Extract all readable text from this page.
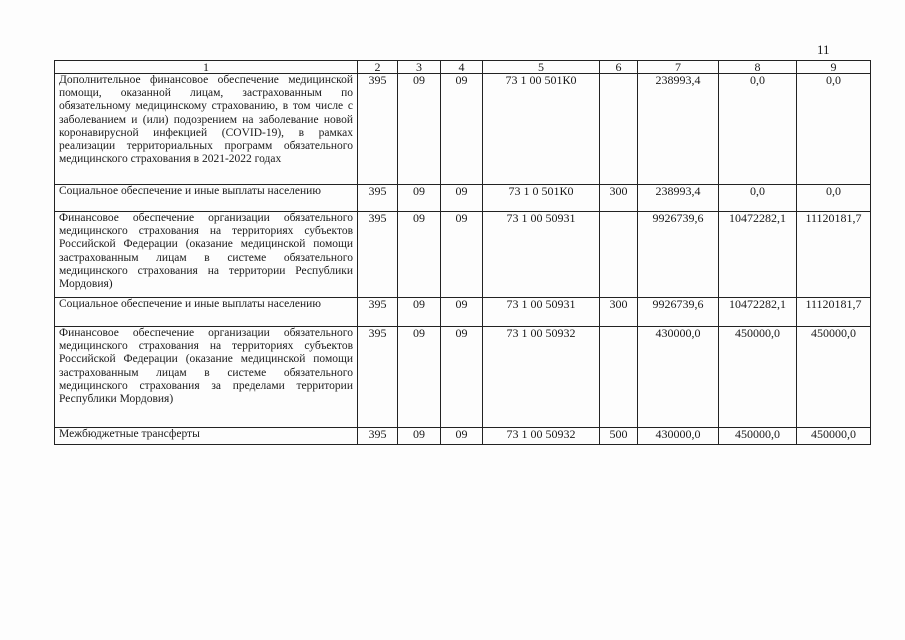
11
1	2	3	4	5	6	7	8	9
Дополнительное финансовое обеспечение медицинской помощи, оказанной лицам, застрахованным по обязательному медицинскому страхованию, в том числе с заболеванием и (или) подозрением на заболевание новой коронавирусной инфекцией (COVID-19), в рамках реализации территориальных программ обязательного медицинского страхования в 2021-2022 годах	395	09	09	73 1 00 501К0		238993,4	0,0	0,0
Социальное обеспечение и иные выплаты населению	395	09	09	73 1 0 501К0	300	238993,4	0,0	0,0
Финансовое обеспечение организации обязательного медицинского страхования на территориях субъектов Российской Федерации (оказание медицинской помощи застрахованным лицам в системе обязательного медицинского страхования на территории Республики Мордовия)	395	09	09	73 1 00 50931		9926739,6	10472282,1	11120181,7
Социальное обеспечение и иные выплаты населению	395	09	09	73 1 00 50931	300	9926739,6	10472282,1	11120181,7
Финансовое обеспечение организации обязательного медицинского страхования на территориях субъектов Российской Федерации (оказание медицинской помощи застрахованным лицам в системе обязательного медицинского страхования за пределами территории Республики Мордовия)	395	09	09	73 1 00 50932		430000,0	450000,0	450000,0
Межбюджетные трансферты	395	09	09	73 1 00 50932	500	430000,0	450000,0	450000,0
